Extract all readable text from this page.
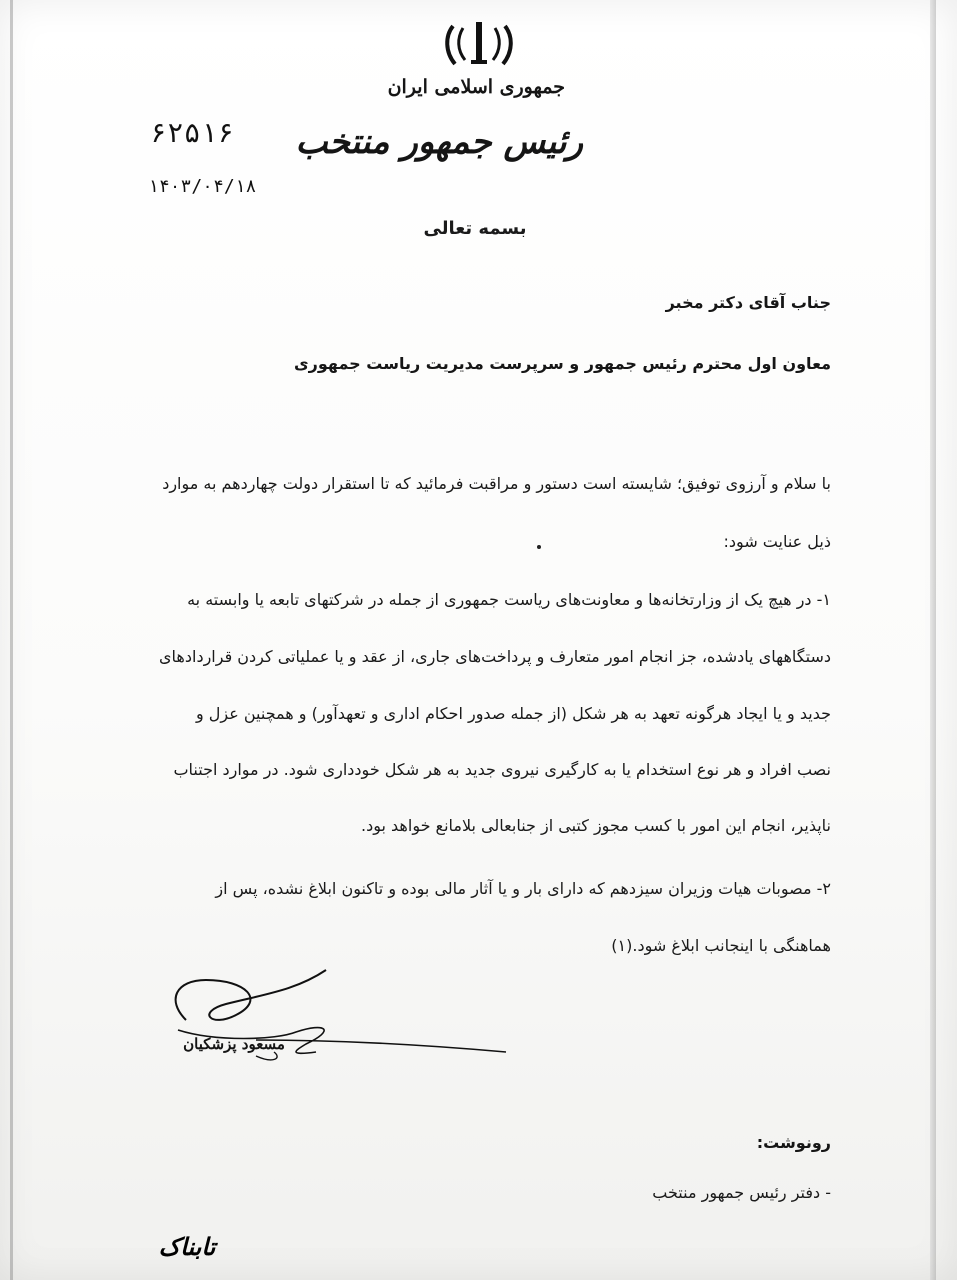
جمهوری اسلامی ایران
رئیس جمهور منتخب
۶۲۵۱۶
۱۴۰۳/۰۴/۱۸
بسمه تعالی
جناب آقای دکتر مخبر
معاون اول محترم رئیس جمهور و سرپرست مدیریت ریاست جمهوری
با سلام و آرزوی توفیق؛ شایسته است دستور و مراقبت فرمائید که تا استقرار دولت چهاردهم به موارد
ذیل عنایت شود:
۱- در هیچ یک از وزارتخانه‌ها و معاونت‌های ریاست جمهوری از جمله در شرکتهای تابعه یا وابسته به
دستگاههای یادشده، جز انجام امور متعارف و پرداخت‌های جاری، از عقد و یا عملیاتی کردن قراردادهای
جدید و یا ایجاد هرگونه تعهد به هر شکل (از جمله صدور احکام اداری و تعهدآور) و همچنین عزل و
نصب افراد و هر نوع استخدام یا به کارگیری نیروی جدید به هر شکل خودداری شود. در موارد اجتناب
ناپذیر، انجام این امور با کسب مجوز کتبی از جنابعالی بلامانع خواهد بود.
۲- مصوبات هیات وزیران سیزدهم که دارای بار و یا آثار مالی بوده و تاکنون ابلاغ نشده، پس از
هماهنگی با اینجانب ابلاغ شود.(۱)
مسعود پزشکیان
رونوشت:
- دفتر رئیس جمهور منتخب
تابناک
